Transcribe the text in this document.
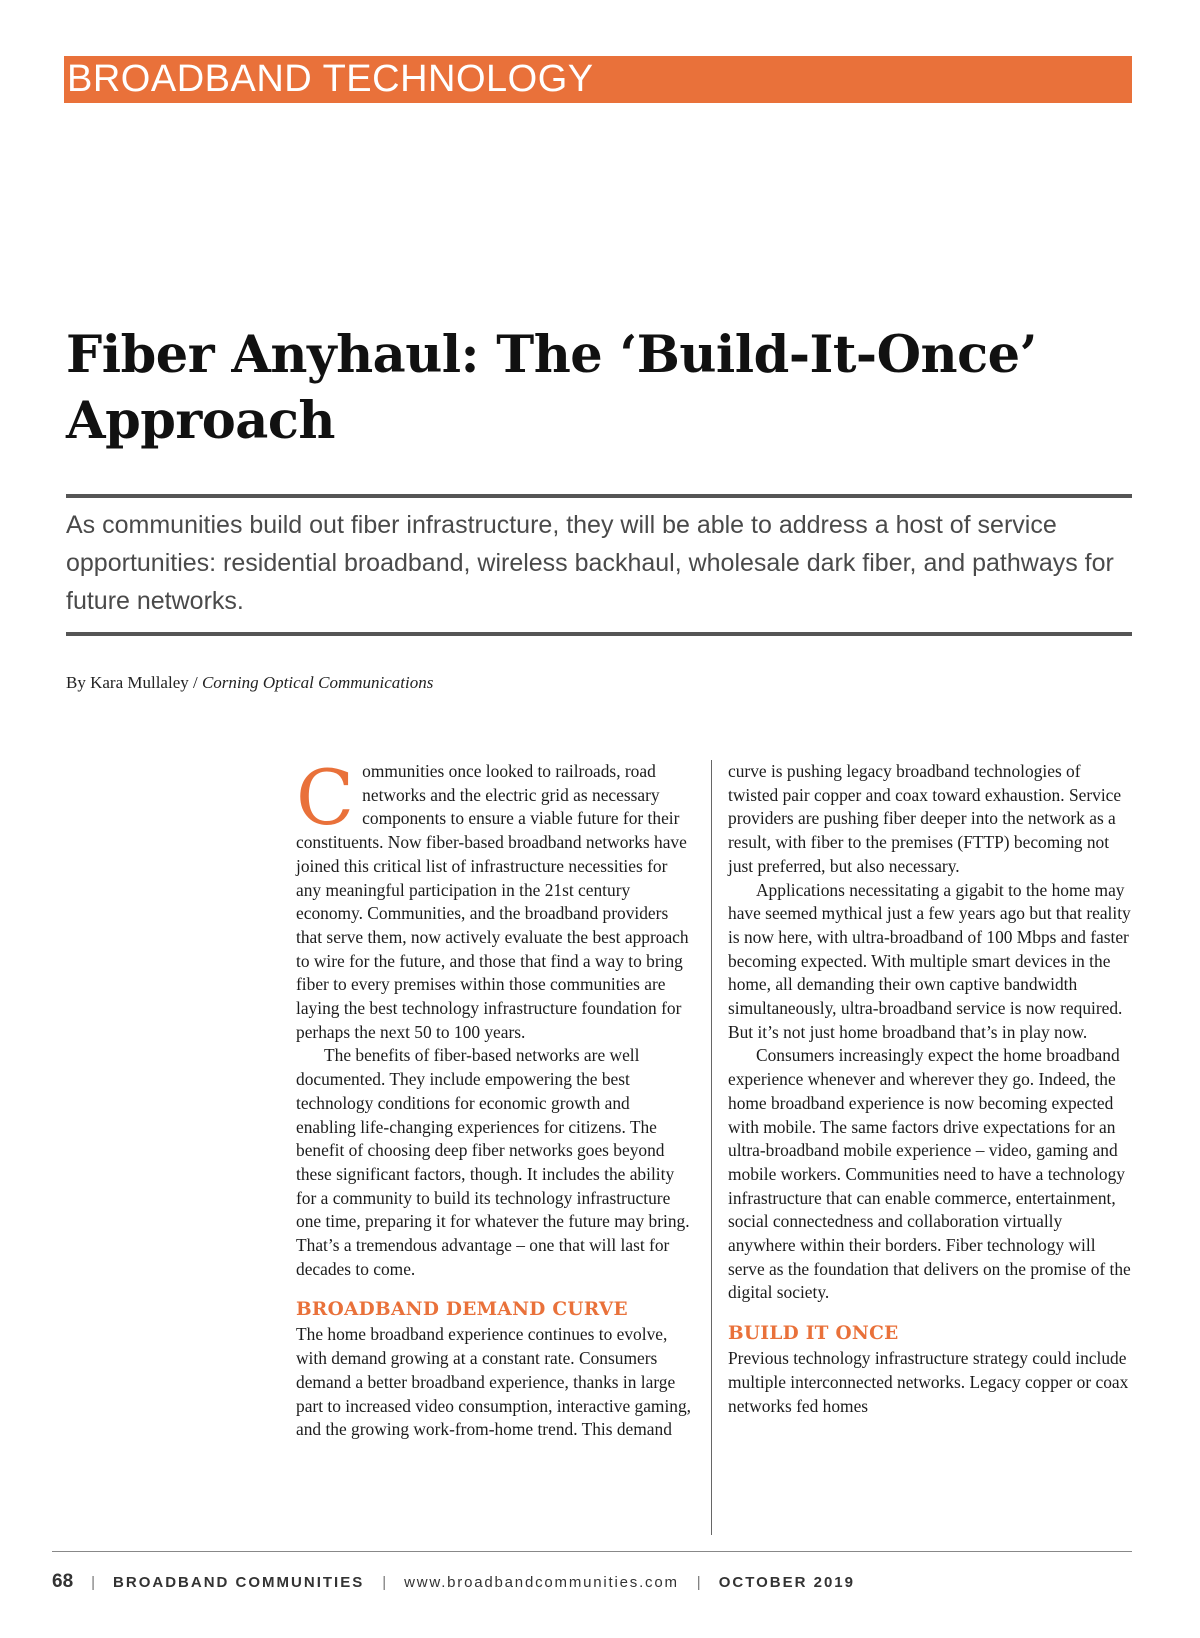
BROADBAND TECHNOLOGY
Fiber Anyhaul: The ‘Build-It-Once’ Approach

As communities build out fiber infrastructure, they will be able to address a host of service opportunities: residential broadband, wireless backhaul, wholesale dark fiber, and pathways for future networks.

By Kara Mullaley / Corning Optical Communications

Communities once looked to railroads, road networks and the electric grid as necessary components to ensure a viable future for their constituents. Now fiber-based broadband networks have joined this critical list of infrastructure necessities for any meaningful participation in the 21st century economy. Communities, and the broadband providers that serve them, now actively evaluate the best approach to wire for the future, and those that find a way to bring fiber to every premises within those communities are laying the best technology infrastructure foundation for perhaps the next 50 to 100 years.

The benefits of fiber-based networks are well documented. They include empowering the best technology conditions for economic growth and enabling life-changing experiences for citizens. The benefit of choosing deep fiber networks goes beyond these significant factors, though. It includes the ability for a community to build its technology infrastructure one time, preparing it for whatever the future may bring. That’s a tremendous advantage – one that will last for decades to come.

BROADBAND DEMAND CURVE

The home broadband experience continues to evolve, with demand growing at a constant rate. Consumers demand a better broadband experience, thanks in large part to increased video consumption, interactive gaming, and the growing work-from-home trend. This demand

curve is pushing legacy broadband technologies of twisted pair copper and coax toward exhaustion. Service providers are pushing fiber deeper into the network as a result, with fiber to the premises (FTTP) becoming not just preferred, but also necessary.

Applications necessitating a gigabit to the home may have seemed mythical just a few years ago but that reality is now here, with ultra-broadband of 100 Mbps and faster becoming expected. With multiple smart devices in the home, all demanding their own captive bandwidth simultaneously, ultra-broadband service is now required. But it’s not just home broadband that’s in play now.

Consumers increasingly expect the home broadband experience whenever and wherever they go. Indeed, the home broadband experience is now becoming expected with mobile. The same factors drive expectations for an ultra-broadband mobile experience – video, gaming and mobile workers. Communities need to have a technology infrastructure that can enable commerce, entertainment, social connectedness and collaboration virtually anywhere within their borders. Fiber technology will serve as the foundation that delivers on the promise of the digital society.

BUILD IT ONCE

Previous technology infrastructure strategy could include multiple interconnected networks. Legacy copper or coax networks fed homes

68 | BROADBAND COMMUNITIES | www.broadbandcommunities.com | OCTOBER 2019
